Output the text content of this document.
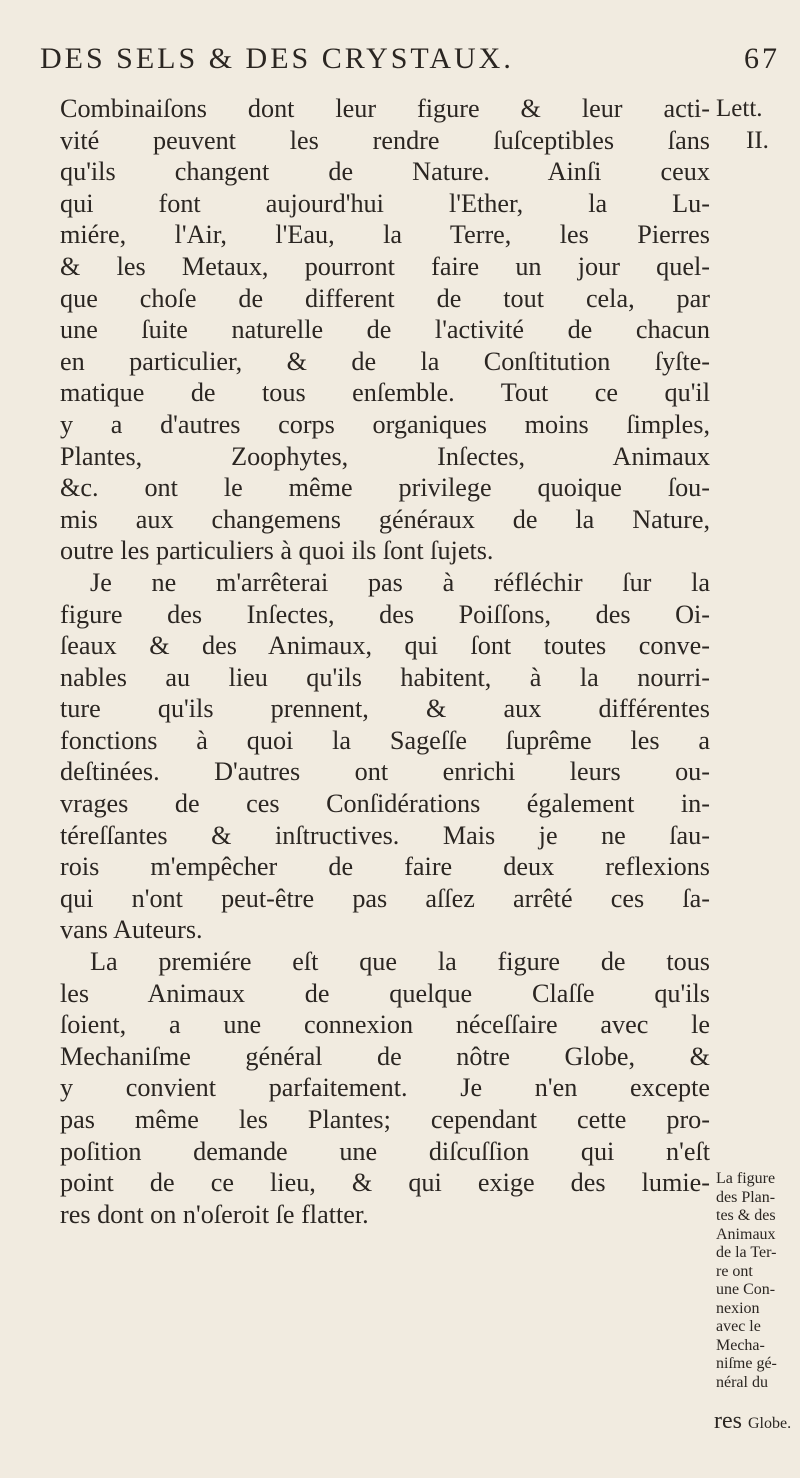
DES SELS & DES CRYSTAUX.	67
Combinaiſons dont leur figure & leur acti-
vité peuvent les rendre ſuſceptibles ſans
qu'ils changent de Nature. Ainſi ceux
qui font aujourd'hui l'Ether, la Lu-
miére, l'Air, l'Eau, la Terre, les Pierres
& les Metaux, pourront faire un jour quel-
que choſe de different de tout cela, par
une ſuite naturelle de l'activité de chacun
en particulier, & de la Conſtitution ſyſte-
matique de tous enſemble. Tout ce qu'il
y a d'autres corps organiques moins ſimples,
Plantes, Zoophytes, Inſectes, Animaux
&c. ont le même privilege quoique ſou-
mis aux changemens généraux de la Nature,
outre les particuliers à quoi ils ſont ſujets.
Je ne m'arrêterai pas à réfléchir ſur la
figure des Inſectes, des Poiſſons, des Oi-
ſeaux & des Animaux, qui ſont toutes conve-
nables au lieu qu'ils habitent, à la nourri-
ture qu'ils prennent, & aux différentes
fonctions à quoi la Sageſſe ſuprême les a
deſtinées. D'autres ont enrichi leurs ou-
vrages de ces Conſidérations également in-
téreſſantes & inſtructives. Mais je ne ſau-
rois m'empêcher de faire deux reflexions
qui n'ont peut-être pas aſſez arrêté ces ſa-
vans Auteurs.
La premiére eſt que la figure de tous
les Animaux de quelque Claſſe qu'ils
ſoient, a une connexion néceſſaire avec le
Mechaniſme général de nôtre Globe, &
y convient parfaitement. Je n'en excepte
pas même les Plantes; cependant cette pro-
poſition demande une diſcuſſion qui n'eſt
point de ce lieu, & qui exige des lumie-
res dont on n'oſeroit ſe flatter.
Lett.
II.
La figure
des Plan-
tes & des
Animaux
de la Ter-
re ont
une Con-
nexion
avec le
Mecha-
niſme gé-
néral du
res Globe.
